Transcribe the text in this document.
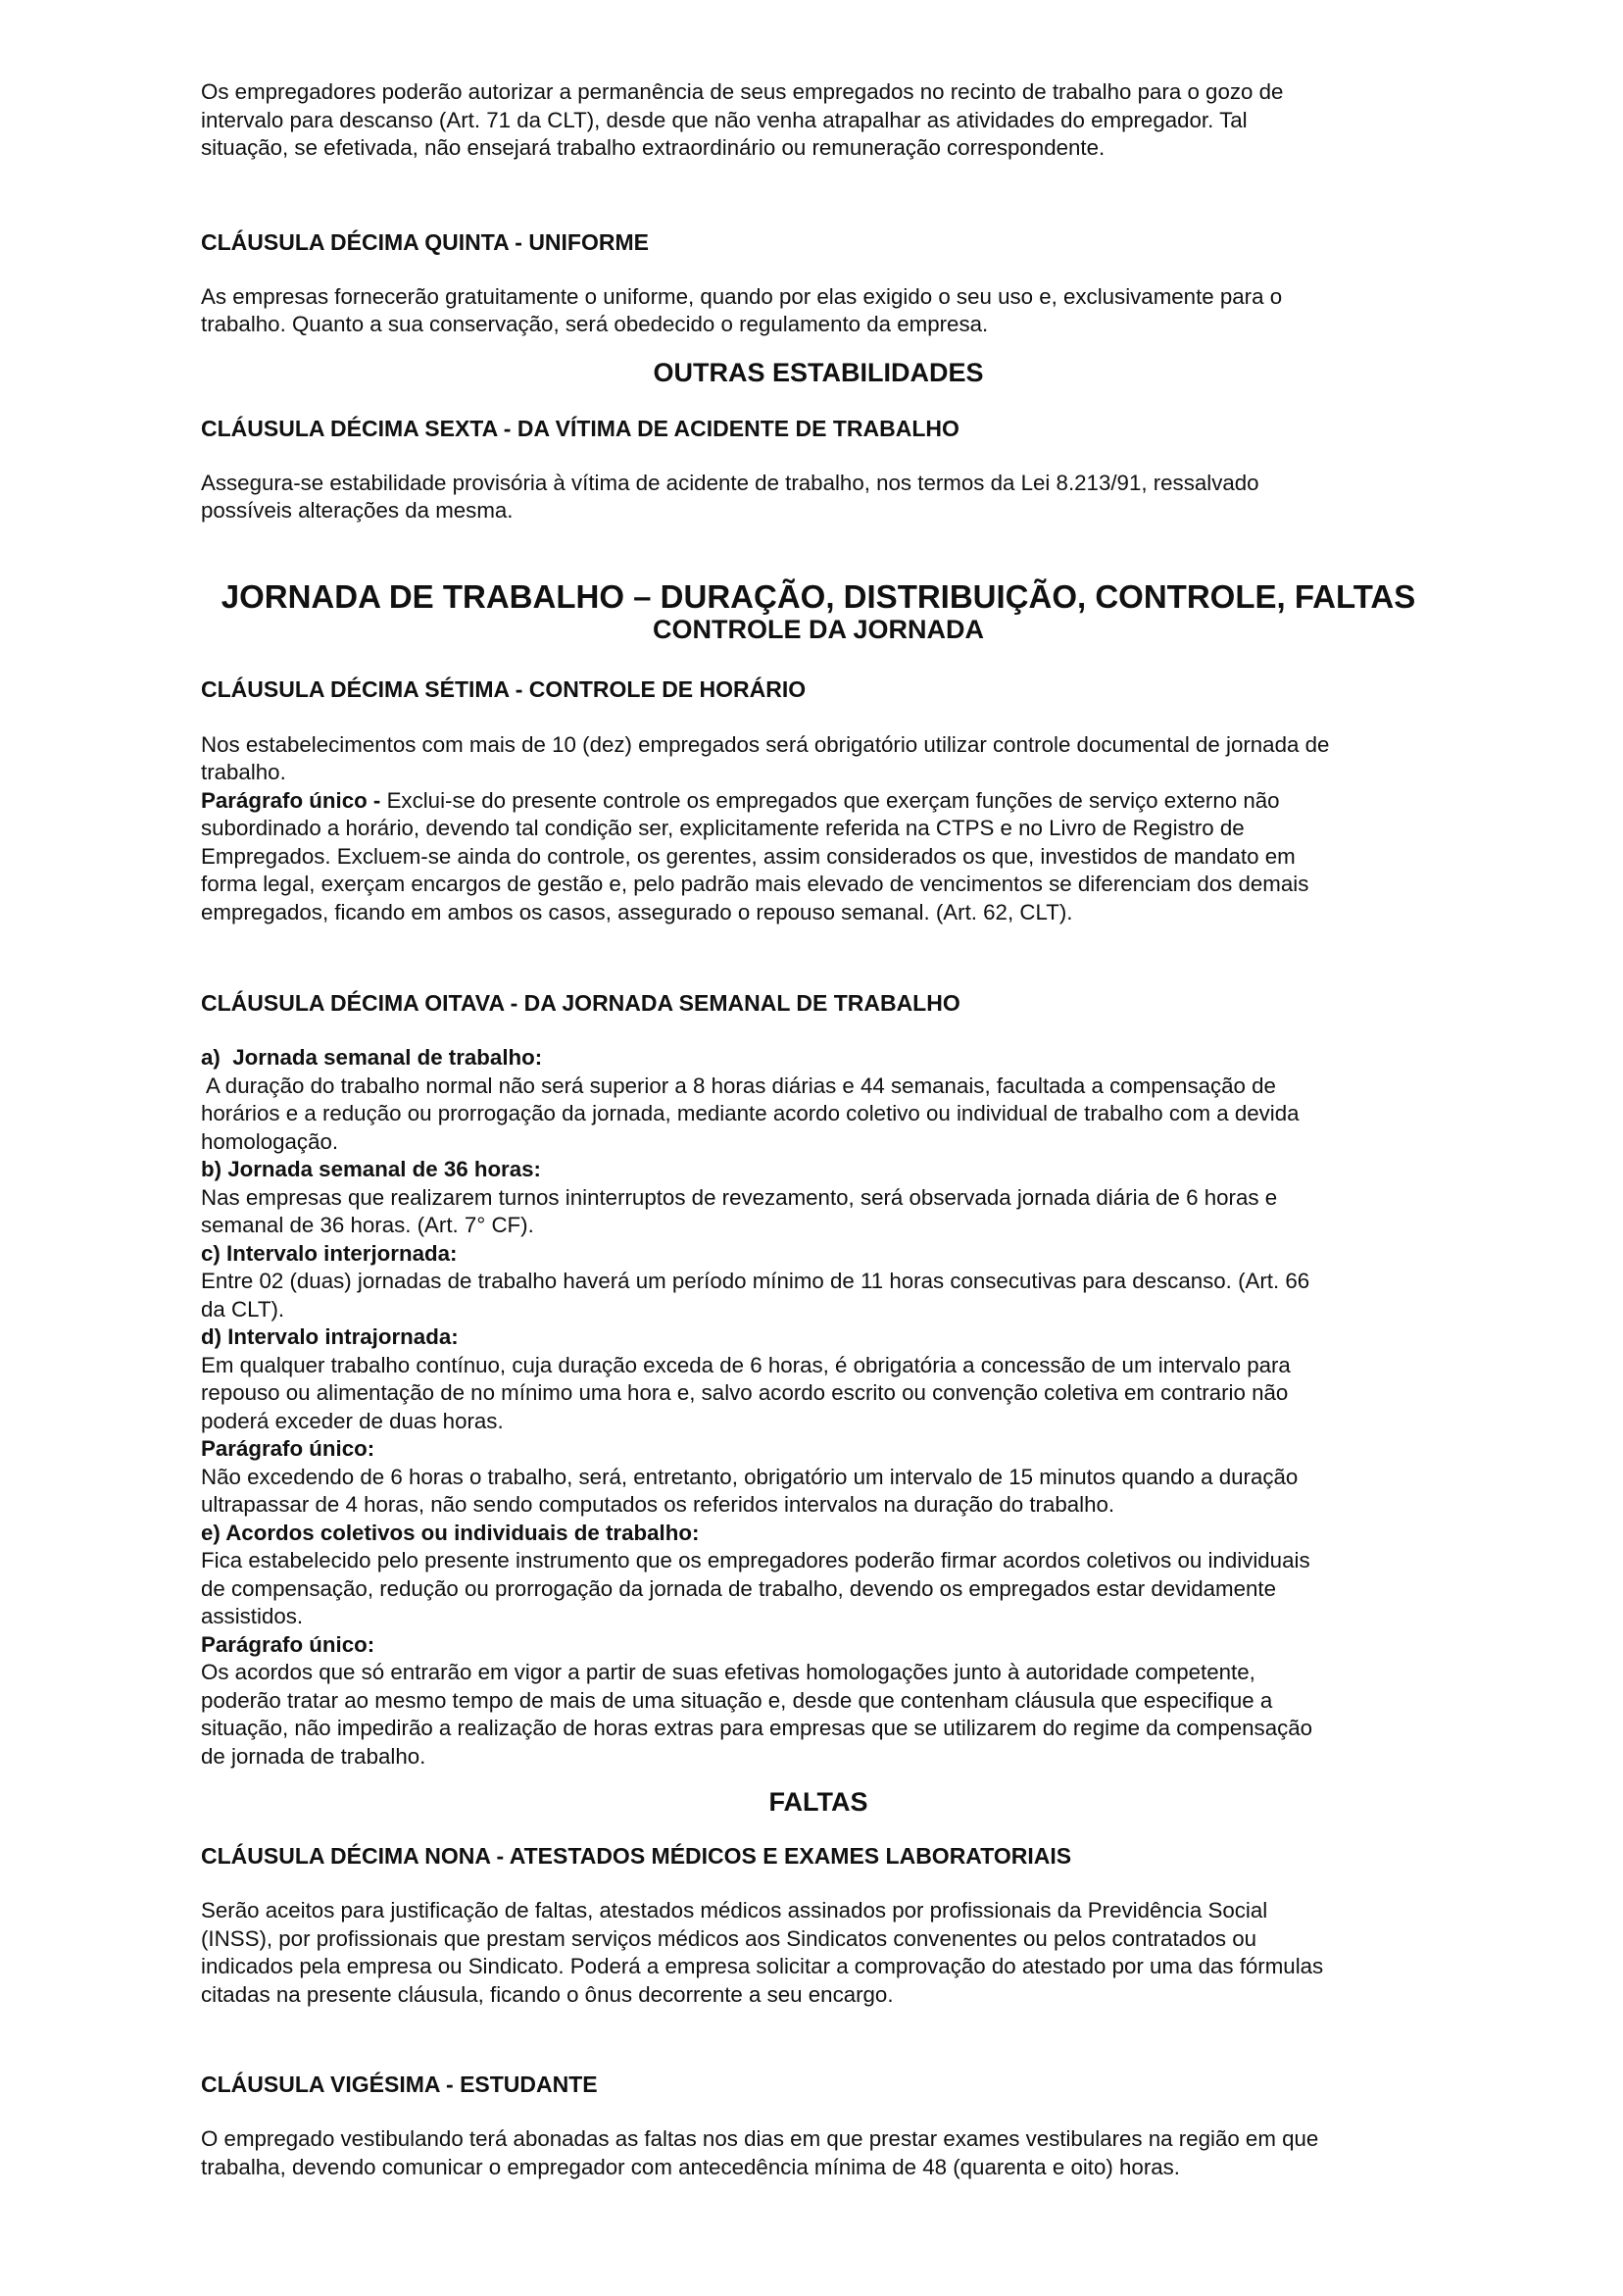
Os empregadores poderão autorizar a permanência de seus empregados no recinto de trabalho para o gozo de

intervalo para descanso (Art. 71 da CLT), desde que não venha atrapalhar as atividades do empregador. Tal

situação, se efetivada, não ensejará trabalho extraordinário ou remuneração correspondente.

CLÁUSULA DÉCIMA QUINTA - UNIFORME

As empresas fornecerão gratuitamente o uniforme, quando por elas exigido o seu uso e, exclusivamente para o

trabalho. Quanto a sua conservação, será obedecido o regulamento da empresa.

OUTRAS ESTABILIDADES
CLÁUSULA DÉCIMA SEXTA - DA VÍTIMA DE ACIDENTE DE TRABALHO

Assegura-se estabilidade provisória à vítima de acidente de trabalho, nos termos da Lei 8.213/91, ressalvado

possíveis alterações da mesma.

JORNADA DE TRABALHO – DURAÇÃO, DISTRIBUIÇÃO, CONTROLE, FALTAS
CONTROLE DA JORNADA
CLÁUSULA DÉCIMA SÉTIMA - CONTROLE DE HORÁRIO

Nos estabelecimentos com mais de 10 (dez) empregados será obrigatório utilizar controle documental de jornada de

trabalho.

Parágrafo único - Exclui-se do presente controle os empregados que exerçam funções de serviço externo não

subordinado a horário, devendo tal condição ser, explicitamente referida na CTPS e no Livro de Registro de

Empregados. Excluem-se ainda do controle, os gerentes, assim considerados os que, investidos de mandato em

forma legal, exerçam encargos de gestão e, pelo padrão mais elevado de vencimentos se diferenciam dos demais

empregados, ficando em ambos os casos, assegurado o repouso semanal. (Art. 62, CLT).

CLÁUSULA DÉCIMA OITAVA - DA JORNADA SEMANAL DE TRABALHO

a)  Jornada semanal de trabalho:

A duração do trabalho normal não será superior a 8 horas diárias e 44 semanais, facultada a compensação de

horários e a redução ou prorrogação da jornada, mediante acordo coletivo ou individual de trabalho com a devida

homologação.

b) Jornada semanal de 36 horas:

Nas empresas que realizarem turnos ininterruptos de revezamento, será observada jornada diária de 6 horas e

semanal de 36 horas. (Art. 7° CF).

c) Intervalo interjornada:

Entre 02 (duas) jornadas de trabalho haverá um período mínimo de 11 horas consecutivas para descanso. (Art. 66

da CLT).

d) Intervalo intrajornada:

Em qualquer trabalho contínuo, cuja duração exceda de 6 horas, é obrigatória a concessão de um intervalo para

repouso ou alimentação de no mínimo uma hora e, salvo acordo escrito ou convenção coletiva em contrario não

poderá exceder de duas horas.

Parágrafo único:

Não excedendo de 6 horas o trabalho, será, entretanto, obrigatório um intervalo de 15 minutos quando a duração

ultrapassar de 4 horas, não sendo computados os referidos intervalos na duração do trabalho.

e) Acordos coletivos ou individuais de trabalho:

Fica estabelecido pelo presente instrumento que os empregadores poderão firmar acordos coletivos ou individuais

de compensação, redução ou prorrogação da jornada de trabalho, devendo os empregados estar devidamente

assistidos.

Parágrafo único:

Os acordos que só entrarão em vigor a partir de suas efetivas homologações junto à autoridade competente,

poderão tratar ao mesmo tempo de mais de uma situação e, desde que contenham cláusula que especifique a

situação, não impedirão a realização de horas extras para empresas que se utilizarem do regime da compensação

de jornada de trabalho.

FALTAS
CLÁUSULA DÉCIMA NONA - ATESTADOS MÉDICOS E EXAMES LABORATORIAIS

Serão aceitos para justificação de faltas, atestados médicos assinados por profissionais da Previdência Social

(INSS), por profissionais que prestam serviços médicos aos Sindicatos convenentes ou pelos contratados ou

indicados pela empresa ou Sindicato. Poderá a empresa solicitar a comprovação do atestado por uma das fórmulas

citadas na presente cláusula, ficando o ônus decorrente a seu encargo.

CLÁUSULA VIGÉSIMA - ESTUDANTE

O empregado vestibulando terá abonadas as faltas nos dias em que prestar exames vestibulares na região em que

trabalha, devendo comunicar o empregador com antecedência mínima de 48 (quarenta e oito) horas.
